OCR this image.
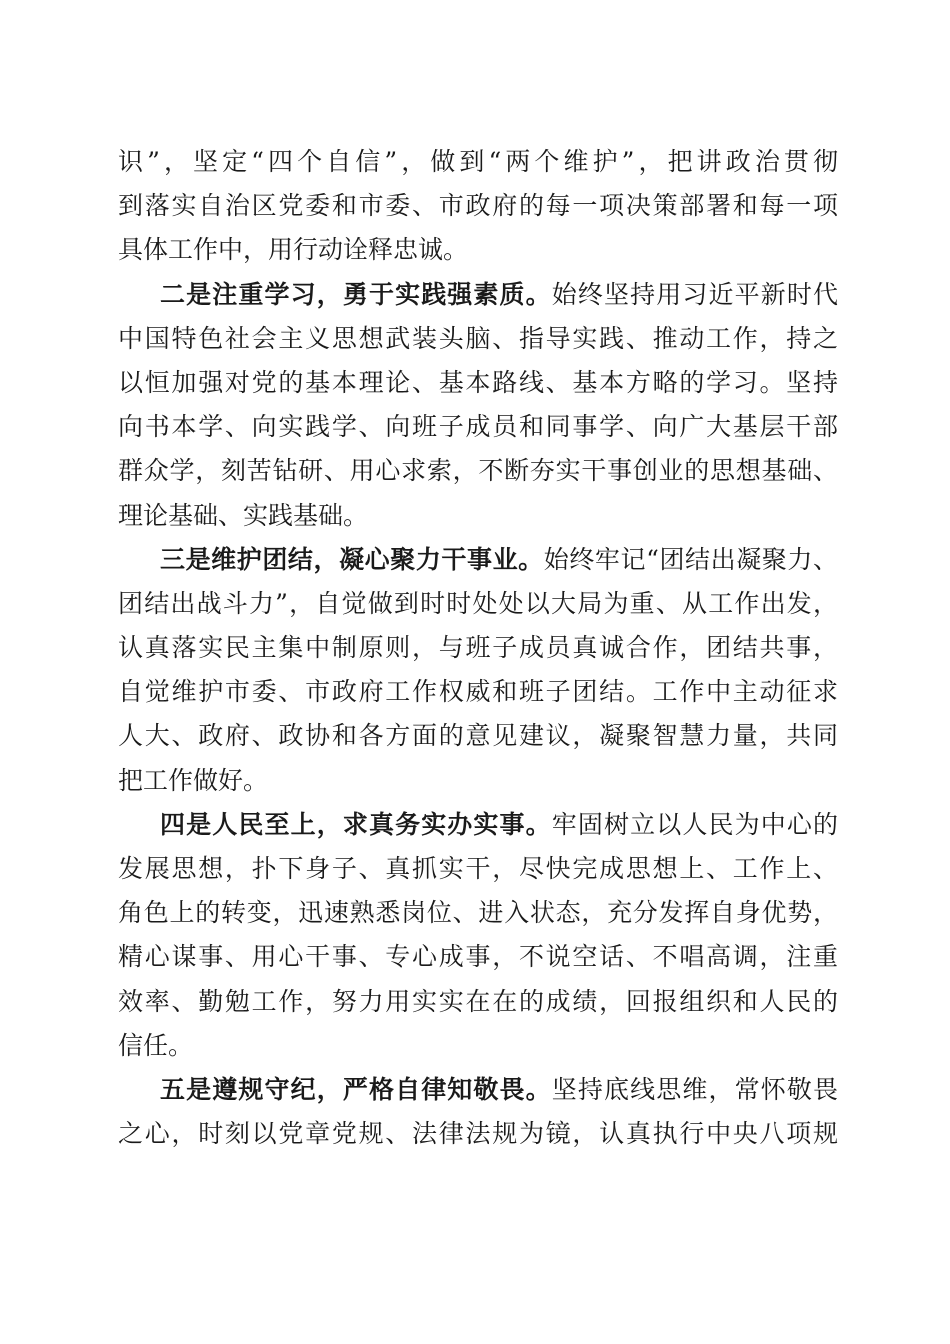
识”，坚定“四个自信”，做到“两个维护”，把讲政治贯彻
到落实自治区党委和市委、市政府的每一项决策部署和每一项
具体工作中，用行动诠释忠诚。
二是注重学习，勇于实践强素质。始终坚持用习近平新时代
中国特色社会主义思想武装头脑、指导实践、推动工作，持之
以恒加强对党的基本理论、基本路线、基本方略的学习。坚持
向书本学、向实践学、向班子成员和同事学、向广大基层干部
群众学，刻苦钻研、用心求索，不断夯实干事创业的思想基础、
理论基础、实践基础。
三是维护团结，凝心聚力干事业。始终牢记“团结出凝聚力、
团结出战斗力”，自觉做到时时处处以大局为重、从工作出发，
认真落实民主集中制原则，与班子成员真诚合作，团结共事，
自觉维护市委、市政府工作权威和班子团结。工作中主动征求
人大、政府、政协和各方面的意见建议，凝聚智慧力量，共同
把工作做好。
四是人民至上，求真务实办实事。牢固树立以人民为中心的
发展思想，扑下身子、真抓实干，尽快完成思想上、工作上、
角色上的转变，迅速熟悉岗位、进入状态，充分发挥自身优势，
精心谋事、用心干事、专心成事，不说空话、不唱高调，注重
效率、勤勉工作，努力用实实在在的成绩，回报组织和人民的
信任。
五是遵规守纪，严格自律知敬畏。坚持底线思维，常怀敬畏
之心，时刻以党章党规、法律法规为镜，认真执行中央八项规
